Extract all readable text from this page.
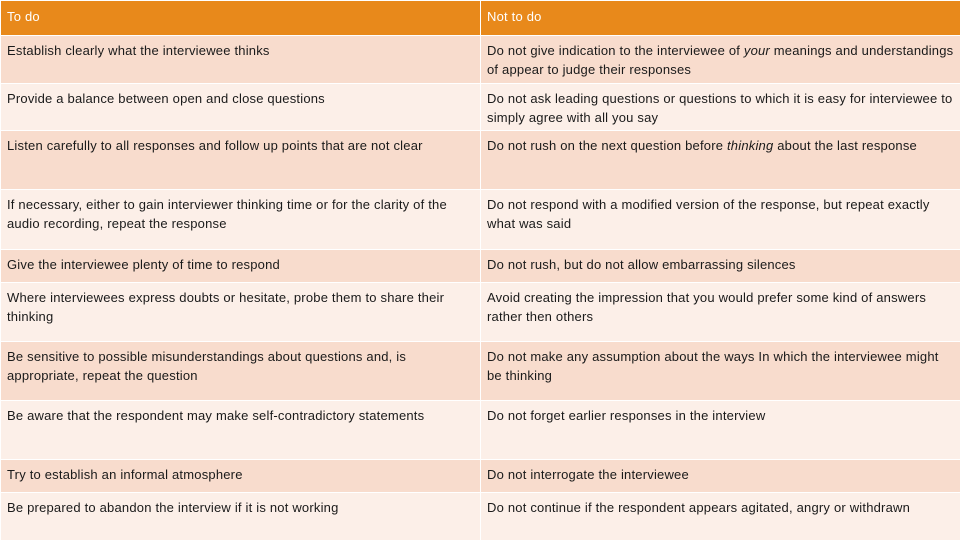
To do	Not to do
Establish clearly what the interviewee thinks	Do not give indication to the interviewee of your meanings and understandings of appear to judge their responses
Provide a balance between open and close questions	Do not ask leading questions or questions to which it is easy for interviewee to simply agree with all you say
Listen carefully to all responses and follow up points that are not clear	Do not rush on the next question before thinking about the last response
If necessary, either to gain interviewer thinking time or for the clarity of the audio recording, repeat the response	Do not respond with a modified version of the response, but repeat exactly what was said
Give the interviewee plenty of time to respond	Do not rush, but do not allow embarrassing silences
Where interviewees express doubts or hesitate, probe them to share their thinking	Avoid creating the impression that you would prefer some kind of answers rather then others
Be sensitive to possible misunderstandings about questions and, is appropriate, repeat the question	Do not make any assumption about the ways In which the interviewee might be thinking
Be aware that the respondent may make self-contradictory statements	Do not forget earlier responses in the interview
Try to establish an informal atmosphere	Do not interrogate the interviewee
Be prepared to abandon the interview if it is not working	Do not continue if the respondent appears agitated, angry or withdrawn
